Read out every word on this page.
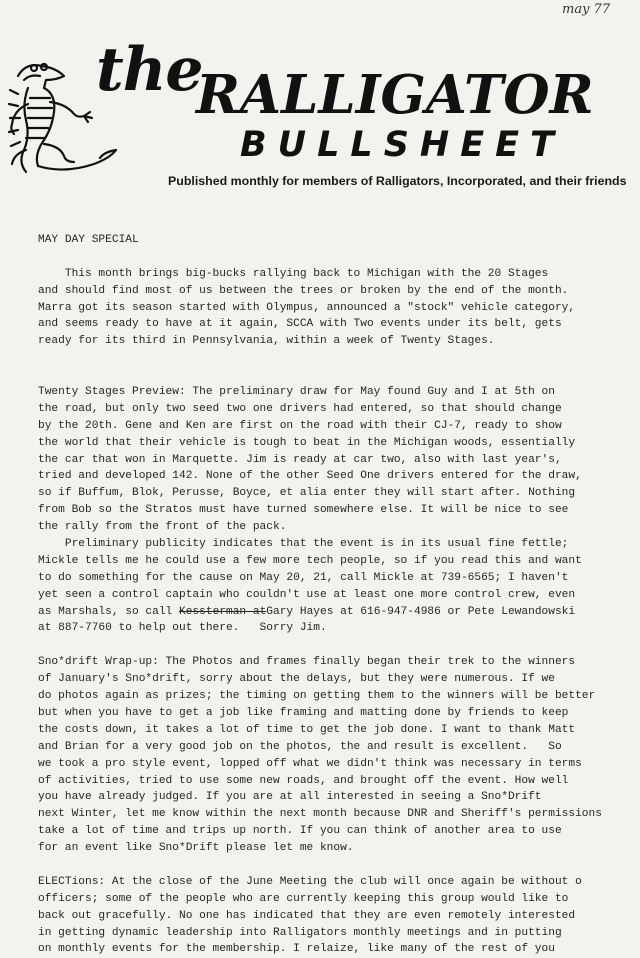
may 77

the
RALLIGATOR
BULLSHEET

Published monthly for members of Ralligators, Incorporated, and their friends

MAY DAY SPECIAL
This month brings big-bucks rallying back to Michigan with the 20 Stages
and should find most of us between the trees or broken by the end of the month.
Marra got its season started with Olympus, announced a "stock" vehicle category,
and seems ready to have at it again, SCCA with Two events under its belt, gets
ready for its third in Pennsylvania, within a week of Twenty Stages.
Twenty Stages Preview: The preliminary draw for May found Guy and I at 5th on
the road, but only two seed two one drivers had entered, so that should change
by the 20th. Gene and Ken are first on the road with their CJ-7, ready to show
the world that their vehicle is tough to beat in the Michigan woods, essentially
the car that won in Marquette. Jim is ready at car two, also with last year's,
tried and developed 142. None of the other Seed One drivers entered for the draw,
so if Buffum, Blok, Perusse, Boyce, et alia enter they will start after. Nothing
from Bob so the Stratos must have turned somewhere else. It will be nice to see
the rally from the front of the pack.
Preliminary publicity indicates that the event is in its usual fine fettle;
Mickle tells me he could use a few more tech people, so if you read this and want
to do something for the cause on May 20, 21, call Mickle at 739-6565; I haven't
yet seen a control captain who couldn't use at least one more control crew, even
as Marshals, so call Kessterman atGary Hayes at 616-947-4986 or Pete Lewandowski
at 887-7760 to help out there.   Sorry Jim.
Sno*drift Wrap-up: The Photos and frames finally began their trek to the winners
of January's Sno*drift, sorry about the delays, but they were numerous. If we
do photos again as prizes; the timing on getting them to the winners will be better
but when you have to get a job like framing and matting done by friends to keep
the costs down, it takes a lot of time to get the job done. I want to thank Matt
and Brian for a very good job on the photos, the and result is excellent.   So
we took a pro style event, lopped off what we didn't think was necessary in terms
of activities, tried to use some new roads, and brought off the event. How well
you have already judged. If you are at all interested in seeing a Sno*Drift
next Winter, let me know within the next month because DNR and Sheriff's permissions
take a lot of time and trips up north. If you can think of another area to use
for an event like Sno*Drift please let me know.
ELECTions: At the close of the June Meeting the club will once again be without o
officers; some of the people who are currently keeping this group would like to
back out gracefully. No one has indicated that they are even remotely interested
in getting dynamic leadership into Ralligators monthly meetings and in putting
on monthly events for the membership. I relaize, like many of the rest of you
